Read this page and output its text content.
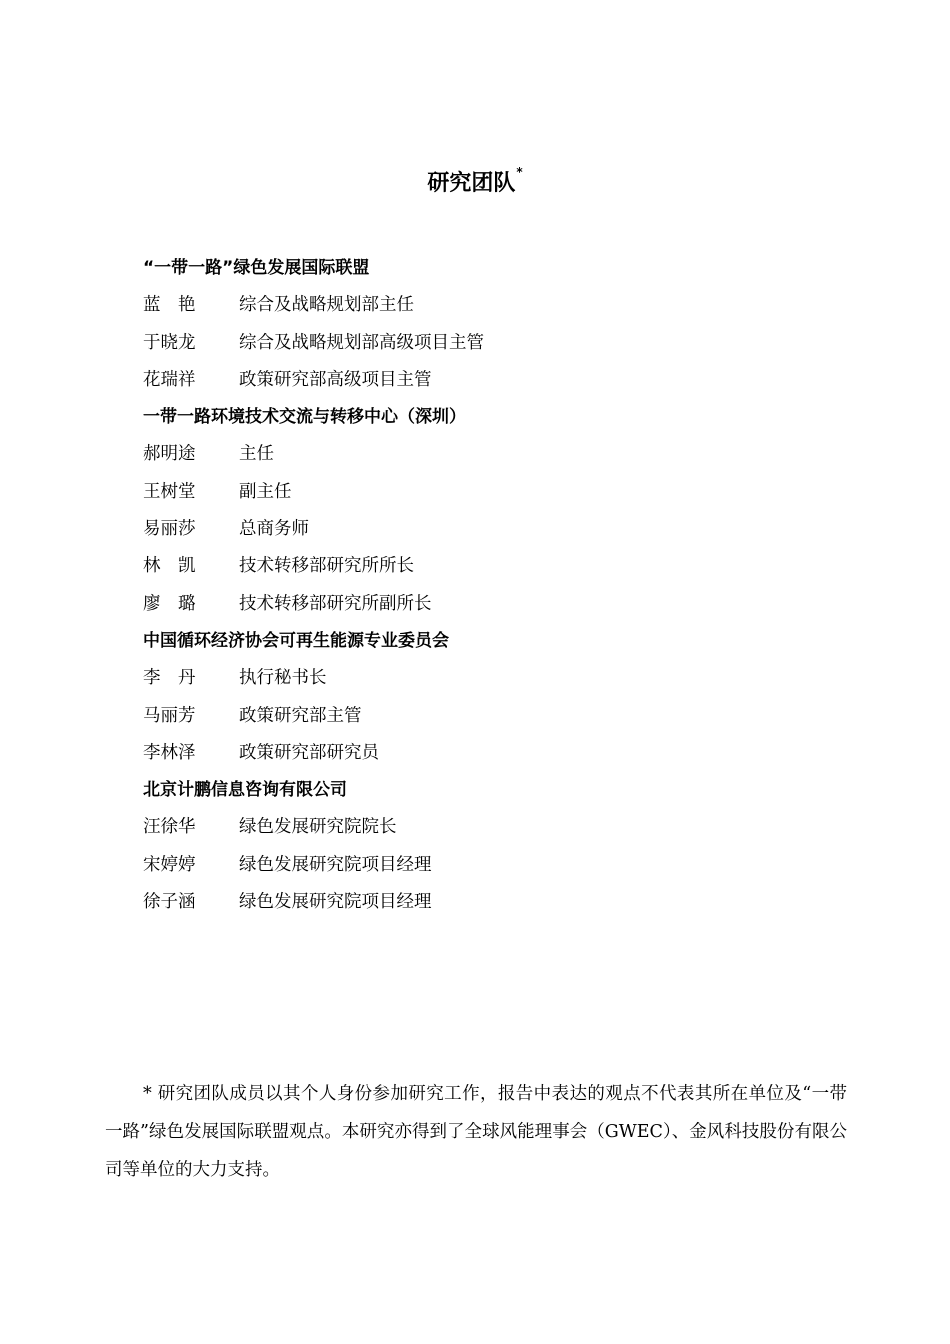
研究团队*
“一带一路”绿色发展国际联盟
蓝　艳	综合及战略规划部主任
于晓龙	综合及战略规划部高级项目主管
花瑞祥	政策研究部高级项目主管
一带一路环境技术交流与转移中心（深圳）
郝明途	主任
王树堂	副主任
易丽莎	总商务师
林　凯	技术转移部研究所所长
廖　璐	技术转移部研究所副所长
中国循环经济协会可再生能源专业委员会
李　丹	执行秘书长
马丽芳	政策研究部主管
李林泽	政策研究部研究员
北京计鹏信息咨询有限公司
汪徐华	绿色发展研究院院长
宋婷婷	绿色发展研究院项目经理
徐子涵	绿色发展研究院项目经理

* 研究团队成员以其个人身份参加研究工作，报告中表达的观点不代表其所在单位及“一带一路”绿色发展国际联盟观点。本研究亦得到了全球风能理事会（GWEC）、金风科技股份有限公司等单位的大力支持。
